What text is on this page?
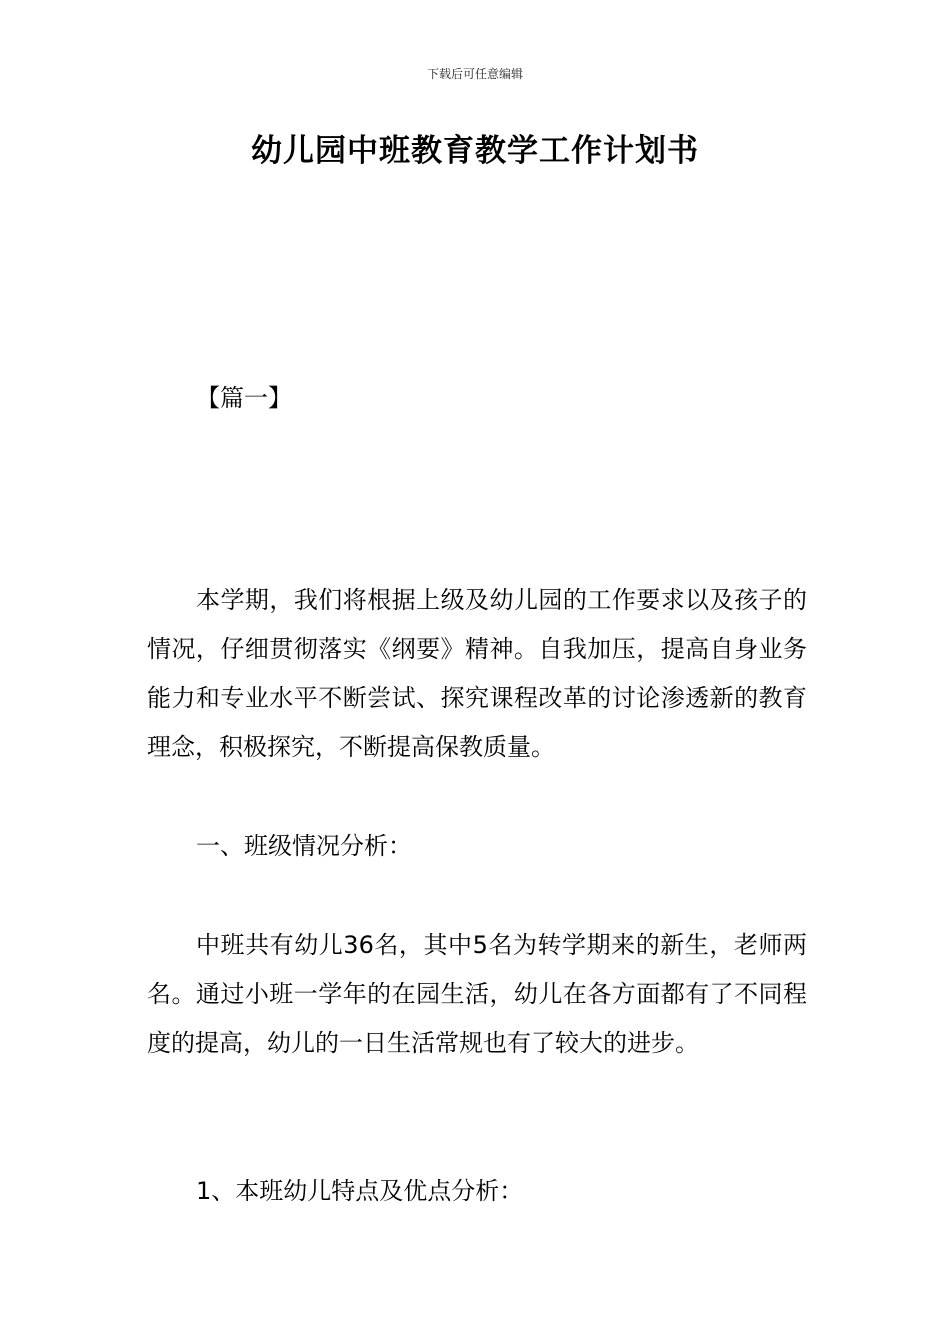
下载后可任意编辑
幼儿园中班教育教学工作计划书
【篇一】

本学期，我们将根据上级及幼儿园的工作要求以及孩子的情况，仔细贯彻落实《纲要》精神。自我加压，提高自身业务能力和专业水平不断尝试、探究课程改革的讨论渗透新的教育理念，积极探究，不断提高保教质量。

一、班级情况分析：

中班共有幼儿36名，其中5名为转学期来的新生，老师两名。通过小班一学年的在园生活，幼儿在各方面都有了不同程度的提高，幼儿的一日生活常规也有了较大的进步。

1、本班幼儿特点及优点分析：
